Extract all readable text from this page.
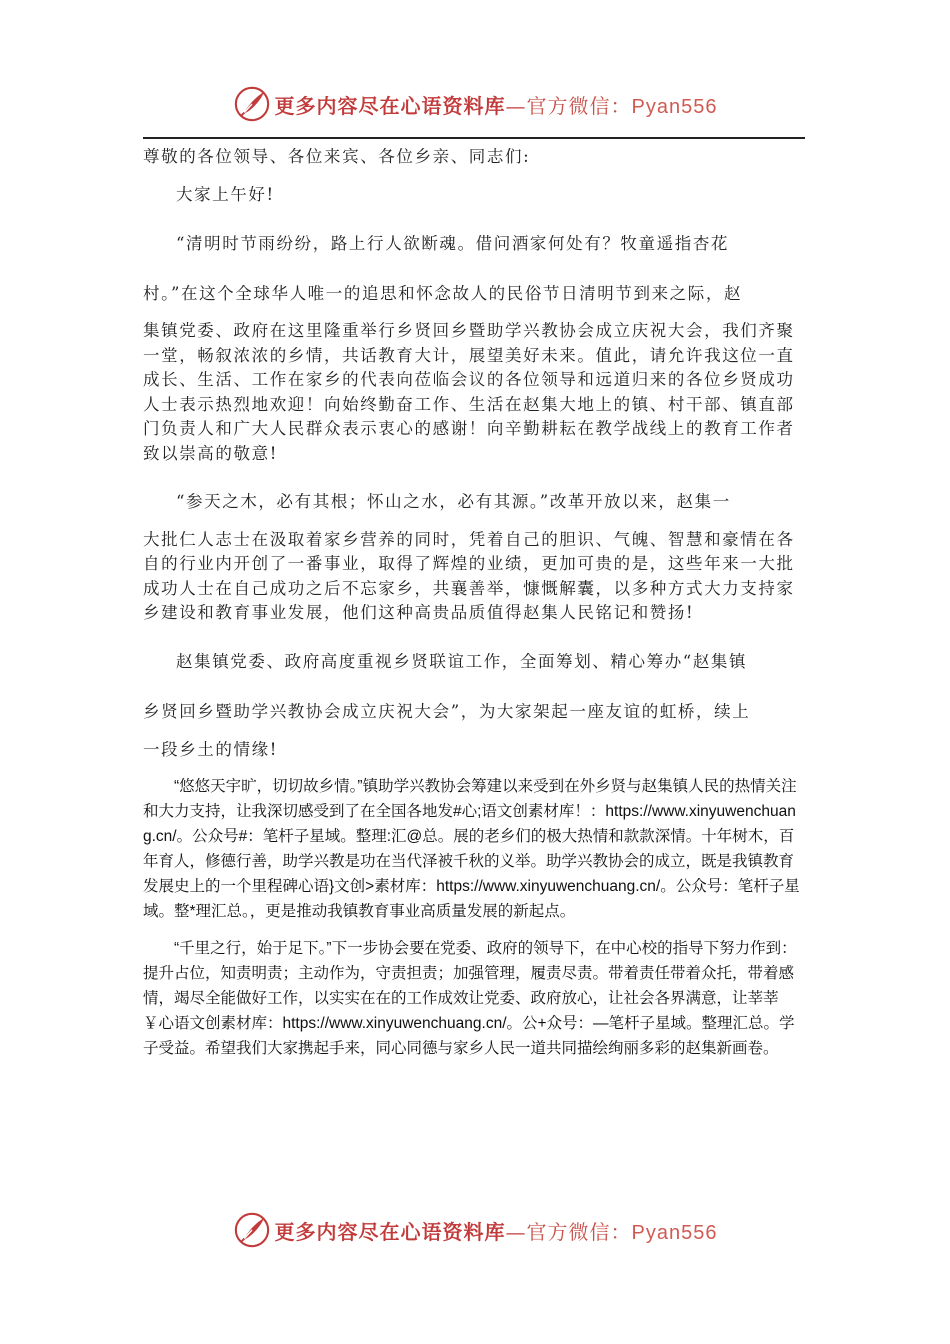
更多内容尽在心语资料库—官方微信：Pyan556

尊敬的各位领导、各位来宾、各位乡亲、同志们:

大家上午好!

“清明时节雨纷纷，路上行人欲断魂。借问酒家何处有？牧童遥指杏花

村。”在这个全球华人唯一的追思和怀念故人的民俗节日清明节到来之际，赵

集镇党委、政府在这里隆重举行乡贤回乡暨助学兴教协会成立庆祝大会，我们齐聚一堂，畅叙浓浓的乡情，共话教育大计，展望美好未来。值此，请允许我这位一直成长、生活、工作在家乡的代表向莅临会议的各位领导和远道归来的各位乡贤成功人士表示热烈地欢迎！向始终勤奋工作、生活在赵集大地上的镇、村干部、镇直部门负责人和广大人民群众表示衷心的感谢！向辛勤耕耘在教学战线上的教育工作者致以崇高的敬意!

“参天之木，必有其根；怀山之水，必有其源。”改革开放以来，赵集一

大批仁人志士在汲取着家乡营养的同时，凭着自己的胆识、气魄、智慧和豪情在各自的行业内开创了一番事业，取得了辉煌的业绩，更加可贵的是，这些年来一大批成功人士在自己成功之后不忘家乡，共襄善举，慷慨解囊，以多种方式大力支持家乡建设和教育事业发展，他们这种高贵品质值得赵集人民铭记和赞扬!

赵集镇党委、政府高度重视乡贤联谊工作，全面筹划、精心筹办“赵集镇

乡贤回乡暨助学兴教协会成立庆祝大会”，为大家架起一座友谊的虹桥，续上

一段乡土的情缘!

“悠悠天宇旷，切切故乡情。”镇助学兴教协会筹建以来受到在外乡贤与赵集镇人民的热情关注和大力支持，让我深切感受到了在全国各地发#心;语文创素材库！：https://www.xinyuwenchuang.cn/。公众号#：笔杆子星域。整理:汇@总。展的老乡们的极大热情和款款深情。十年树木，百年育人，修德行善，助学兴教是功在当代泽被千秋的义举。助学兴教协会的成立，既是我镇教育发展史上的一个里程碑心语}文创>素材库：https://www.xinyuwenchuang.cn/。公众号：笔杆子星域。整*理汇总。，更是推动我镇教育事业高质量发展的新起点。

“千里之行，始于足下。”下一步协会要在党委、政府的领导下，在中心校的指导下努力作到：提升占位，知责明责；主动作为，守责担责；加强管理，履责尽责。带着责任带着众托，带着感情，竭尽全能做好工作，以实实在在的工作成效让党委、政府放心，让社会各界满意，让莘莘￥心语文创素材库：https://www.xinyuwenchuang.cn/。公+众号：—笔杆子星域。整理汇总。学子受益。希望我们大家携起手来，同心同德与家乡人民一道共同描绘绚丽多彩的赵集新画卷。

更多内容尽在心语资料库—官方微信：Pyan556
